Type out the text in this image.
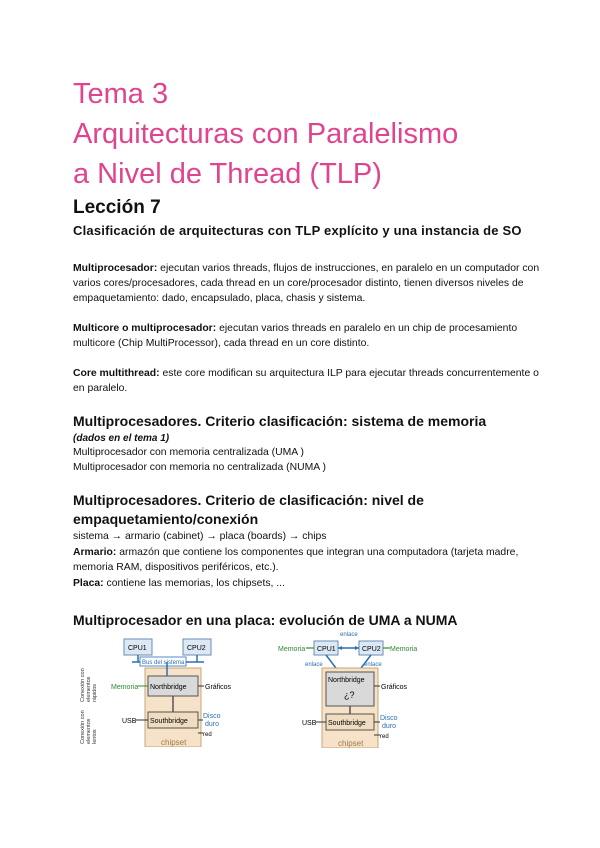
Tema 3
Arquitecturas con Paralelismo
a Nivel de Thread (TLP)
Lección 7
Clasificación de arquitecturas con TLP explícito y una instancia de SO

Multiprocesador: ejecutan varios threads, flujos de instrucciones, en paralelo en un computador con varios cores/procesadores, cada thread en un core/procesador distinto, tienen diversos niveles de empaquetamiento: dado, encapsulado, placa, chasis y sistema.

Multicore o multiprocesador: ejecutan varios threads en paralelo en un chip de procesamiento multicore (Chip MultiProcessor), cada thread en un core distinto.

Core multithread: este core modifican su arquitectura ILP para ejecutar threads concurrentemente o en paralelo.

Multiprocesadores. Criterio clasificación: sistema de memoria

(dados en el tema 1)

Multiprocesador con memoria centralizada (UMA )

Multiprocesador con memoria no centralizada (NUMA )

Multiprocesadores. Criterio de clasificación: nivel de empaquetamiento/conexión

sistema → armario (cabinet) → placa (boards) → chips

Armario: armazón que contiene los componentes que integran una computadora (tarjeta madre, memoria RAM, dispositivos periféricos, etc.).

Placa: contiene las memorias, los chipsets, ...

Multiprocesador en una placa: evolución de UMA a NUMA
Conexión con elementos rápidos
Conexión con elementos lentos
CPU1	CPU2
Bus del sistema
Northbridge
Memoria	Gráficos
Southbridge
USB
Disco
duro
red
chipset
enlace
CPU1	CPU2
Memoria	Memoria
enlace	enlace
Northbridge
¿?
Gráficos
Southbridge
USB
Disco
duro
red
chipset
